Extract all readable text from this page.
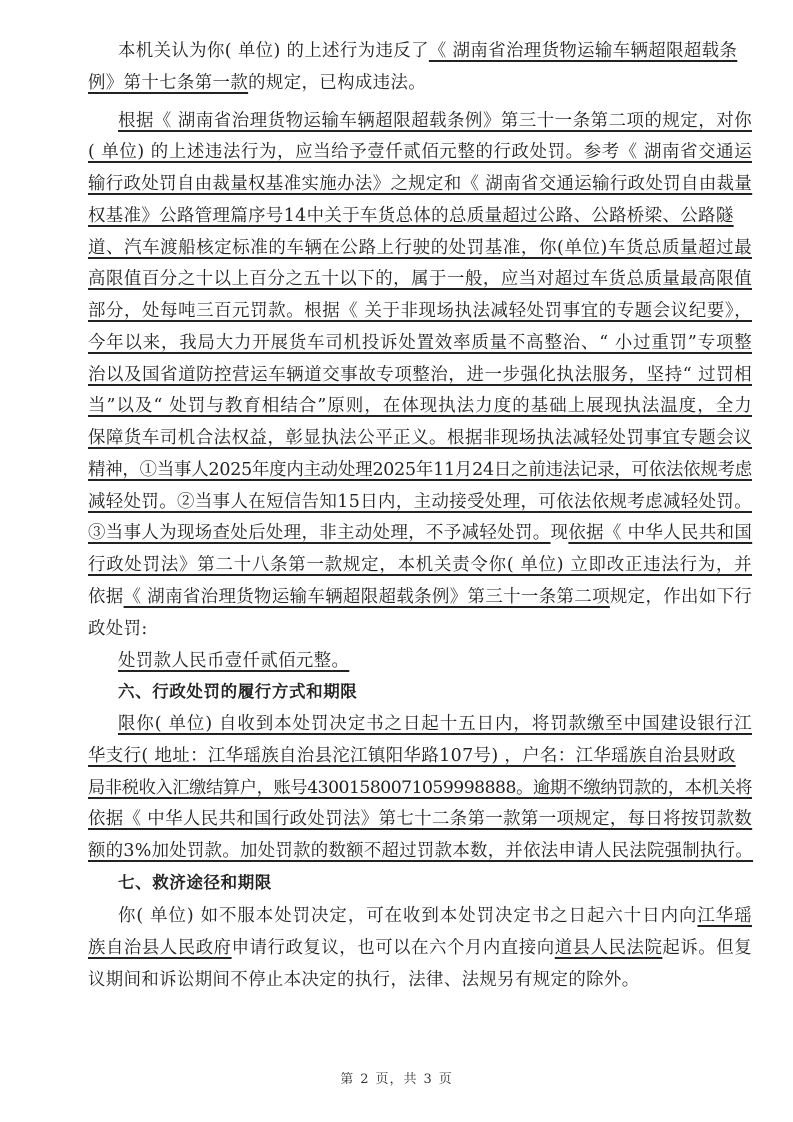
本机关认为你( 单位) 的上述行为违反了《 湖南省治理货物运输车辆超限超载条
例》第十七条第一款的规定，已构成违法。
根据《 湖南省治理货物运输车辆超限超载条例》第三十一条第二项的规定，对你
( 单位) 的上述违法行为，应当给予壹仟贰佰元整的行政处罚。参考《 湖南省交通运
输行政处罚自由裁量权基准实施办法》之规定和《 湖南省交通运输行政处罚自由裁量
权基准》公路管理篇序号14中关于车货总体的总质量超过公路、公路桥梁、公路隧
道、汽车渡船核定标准的车辆在公路上行驶的处罚基准，你(单位)车货总质量超过最
高限值百分之十以上百分之五十以下的，属于一般，应当对超过车货总质量最高限值
部分，处每吨三百元罚款。根据《 关于非现场执法减轻处罚事宜的专题会议纪要》，
今年以来，我局大力开展货车司机投诉处置效率质量不高整治、“ 小过重罚”专项整
治以及国省道防控营运车辆道交事故专项整治，进一步强化执法服务，坚持“ 过罚相
当”以及“ 处罚与教育相结合”原则，在体现执法力度的基础上展现执法温度，全力
保障货车司机合法权益，彰显执法公平正义。根据非现场执法减轻处罚事宜专题会议
精神，①当事人2025年度内主动处理2025年11月24日之前违法记录，可依法依规考虑
减轻处罚。②当事人在短信告知15日内，主动接受处理，可依法依规考虑减轻处罚。
③当事人为现场查处后处理，非主动处理，不予减轻处罚。现依据《 中华人民共和国
行政处罚法》第二十八条第一款规定，本机关责令你( 单位) 立即改正违法行为，并
依据《 湖南省治理货物运输车辆超限超载条例》第三十一条第二项规定，作出如下行
政处罚:
处罚款人民币壹仟贰佰元整。
六、行政处罚的履行方式和期限
限你( 单位) 自收到本处罚决定书之日起十五日内，将罚款缴至中国建设银行江
华支行( 地址：江华瑶族自治县沱江镇阳华路107号) ，户名：江华瑶族自治县财政
局非税收入汇缴结算户，账号43001580071059998888。逾期不缴纳罚款的，本机关将
依据《 中华人民共和国行政处罚法》第七十二条第一款第一项规定，每日将按罚款数
额的3%加处罚款。加处罚款的数额不超过罚款本数，并依法申请人民法院强制执行。
七、救济途径和期限
你( 单位) 如不服本处罚决定，可在收到本处罚决定书之日起六十日内向江华瑶
族自治县人民政府申请行政复议，也可以在六个月内直接向道县人民法院起诉。但复
议期间和诉讼期间不停止本决定的执行，法律、法规另有规定的除外。
第 2 页，共 3 页
